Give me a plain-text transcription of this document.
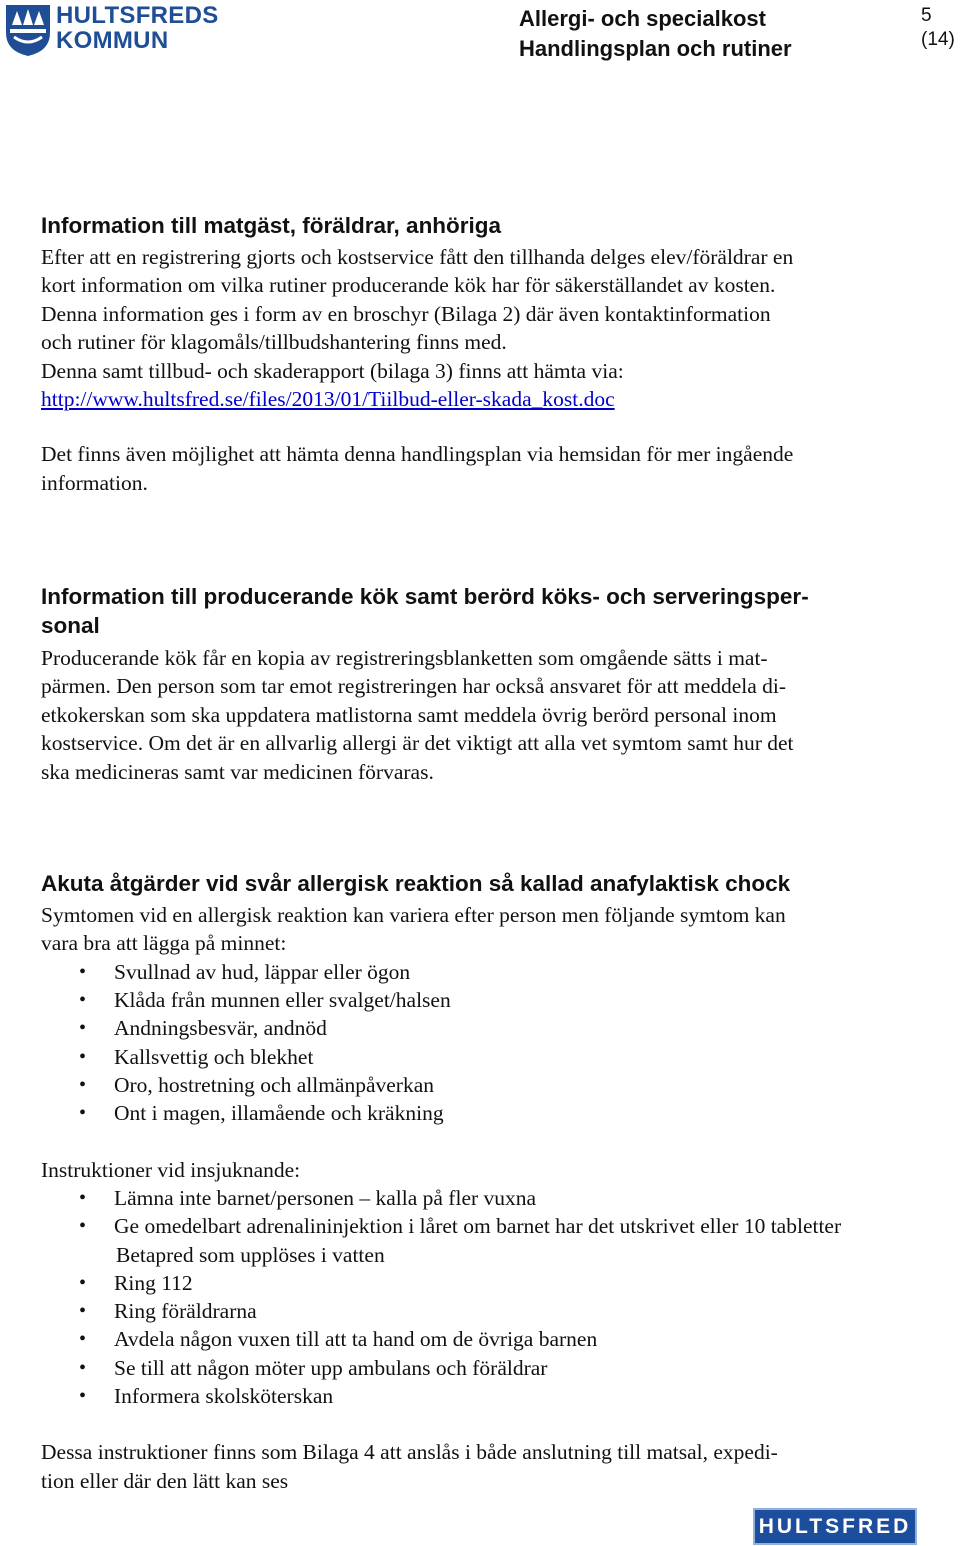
HULTSFREDS
KOMMUN
Allergi- och specialkost
Handlingsplan och rutiner
5
(14)
Information till matgäst, föräldrar, anhöriga

Efter att en registrering gjorts och kostservice fått den tillhanda delges elev/föräldrar en

kort information om vilka rutiner producerande kök har för säkerställandet av kosten.

Denna information ges i form av en broschyr (Bilaga 2) där även kontaktinformation

och rutiner för klagomåls/tillbudshantering finns med.

Denna samt tillbud- och skaderapport (bilaga 3) finns att hämta via:

http://www.hultsfred.se/files/2013/01/Tiilbud-eller-skada_kost.doc

Det finns även möjlighet att hämta denna handlingsplan via hemsidan för mer ingående

information.

Information till producerande kök samt berörd köks- och serveringsper-
sonal

Producerande kök får en kopia av registreringsblanketten som omgående sätts i mat-

pärmen. Den person som tar emot registreringen har också ansvaret för att meddela di-

etkokerskan som ska uppdatera matlistorna samt meddela övrig berörd personal inom

kostservice. Om det är en allvarlig allergi är det viktigt att alla vet symtom samt hur det

ska medicineras samt var medicinen förvaras.

Akuta åtgärder vid svår allergisk reaktion så kallad anafylaktisk chock

Symtomen vid en allergisk reaktion kan variera efter person men följande symtom kan

vara bra att lägga på minnet:

• Svullnad av hud, läppar eller ögon
• Klåda från munnen eller svalget/halsen
• Andningsbesvär, andnöd
• Kallsvettig och blekhet
• Oro, hostretning och allmänpåverkan
• Ont i magen, illamående och kräkning

Instruktioner vid insjuknande:

• Lämna inte barnet/personen – kalla på fler vuxna
• Ge omedelbart adrenalininjektion i låret om barnet har det utskrivet eller 10 tabletter
Betapred som upplöses i vatten
• Ring 112
• Ring föräldrarna
• Avdela någon vuxen till att ta hand om de övriga barnen
• Se till att någon möter upp ambulans och föräldrar
• Informera skolsköterskan

Dessa instruktioner finns som Bilaga 4 att anslås i både anslutning till matsal, expedi-

tion eller där den lätt kan ses

HULTSFRED
